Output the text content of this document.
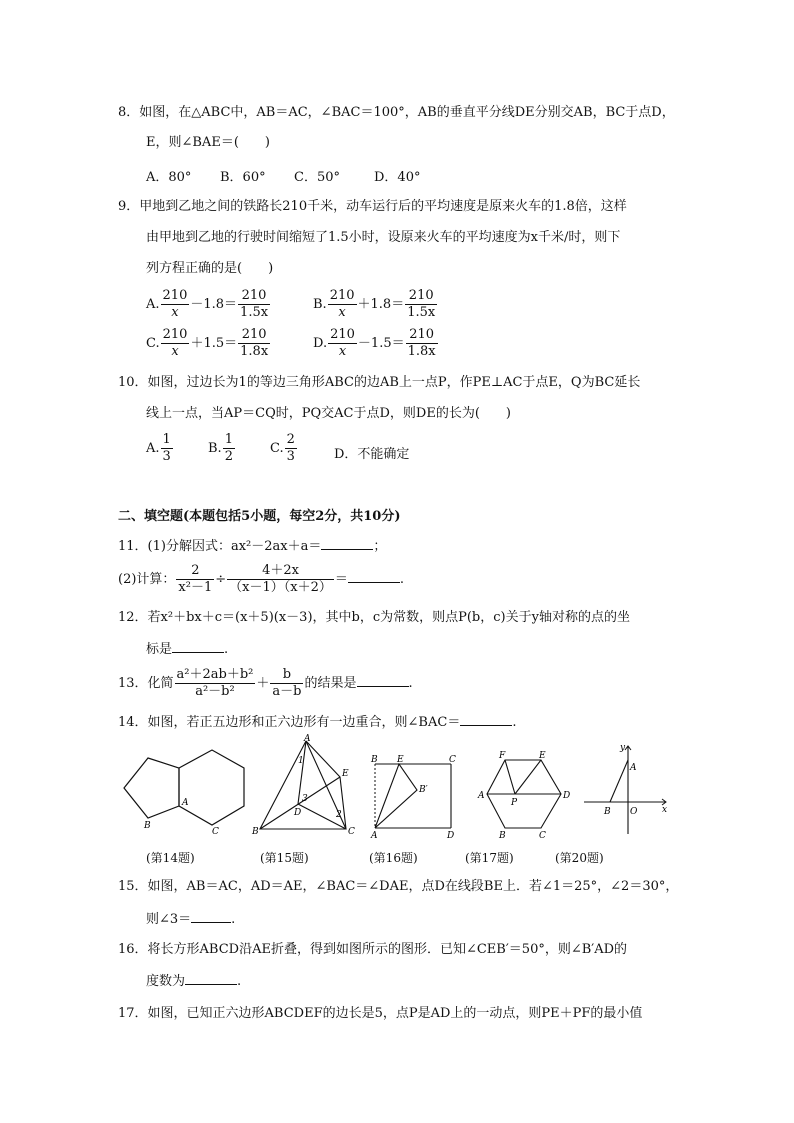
8．如图，在△ABC中，AB＝AC，∠BAC＝100°，AB的垂直平分线DE分别交AB，BC于点D，
E，则∠BAE＝(　　)
A．80° B．60° C．50°	D．40°
9．甲地到乙地之间的铁路长210千米，动车运行后的平均速度是原来火车的1.8倍，这样
由甲地到乙地的行驶时间缩短了1.5小时，设原来火车的平均速度为x千米/时，则下
列方程正确的是(　　)
A. $\frac{210}{x} -1.8= \frac{210}{1.5x}$	B. $\frac{210}{x} +1.8= \frac{210}{1.5x}$
C. $\frac{210}{x} +1.5= \frac{210}{1.8x}$	D. $\frac{210}{x} -1.5= \frac{210}{1.8x}$
10．如图，过边长为1的等边三角形ABC的边AB上一点P，作PE⊥AC于点E，Q为BC延长
线上一点，当AP＝CQ时，PQ交AC于点D，则DE的长为(　　)
A. $\frac{1}{3}$	B. $\frac{1}{2}$	C. $\frac{2}{3}$	D．不能确定
二、填空题(本题包括5小题，每空2分，共10分)
11．(1)分解因式：ax²－2ax＋a＝	；
(2)计算： $\frac{2}{\text{x²－1}} \div \frac{4+2x}{(x-1)(x+2)}$ ＝	.
12．若x²＋bx＋c＝(x＋5)(x－3)，其中b，c为常数，则点P(b，c)关于y轴对称的点的坐
标是	.
13．化简 $\frac{\text{a²＋2ab＋b²}}{\text{a²－b²}} + \frac{b}{a-b}$ 的结果是	.
14．如图，若正五边形和正六边形有一边重合，则∠BAC＝	.
A
B
C
A
B	C
D
E
1
2
3
B E	C
B′
A	D
F	E
A
P
D
B	C
y
A
B O	x
(第14题)	(第15题)	(第16题)	(第17题)	(第20题)
15．如图，AB＝AC，AD＝AE，∠BAC＝∠DAE，点D在线段BE上．若∠1＝25°，∠2＝30°，
则∠3＝	.
16．将长方形ABCD沿AE折叠，得到如图所示的图形．已知∠CEB′＝50°，则∠B′AD的
度数为	.
17．如图，已知正六边形ABCDEF的边长是5，点P是AD上的一动点，则PE＋PF的最小值
